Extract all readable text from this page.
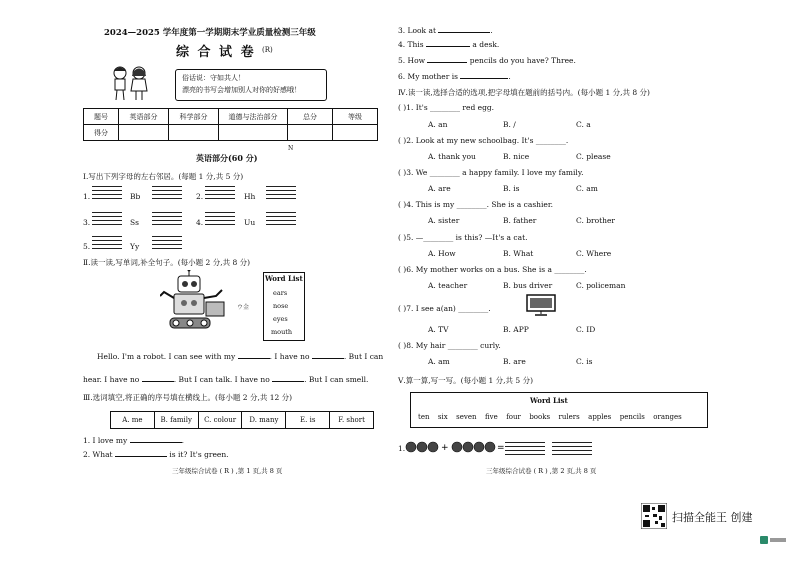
2024—2025 学年度第一学期期末学业质量检测三年级
综 合 试 卷 (R)
俗话说：守如共人！
漂亮的书写会增加别人对你的好感哦！
题号	英语部分	科学部分	道德与法治部分	总分	等级
得分					
N
英语部分(60 分)
Ⅰ.写出下列字母的左右邻居。(每题 1 分,共 5 分)
1.	Bb	2.	Hh
3.	Ss	4.	Uu
5.	Yy
Ⅱ.读一读,写单词,补全句子。(每小题 2 分,共 8 分)
ウ金
Word List
ears
nose
eyes
mouth
Hello. I'm a robot. I can see with my	. I have no	. But I can
hear. I have no	. But I can talk. I have no	. But I can smell.
Ⅲ.选词填空,将正确的序号填在横线上。(每小题 2 分,共 12 分)
A. me	B. family	C. colour	D. many	E. is	F. short
1. I love my	.
2. What	is it? It's green.
三年级综合试卷 ( R ) ,第 1 页,共 8 页
3. Look at	.
4. This	a desk.
5. How	pencils do you have? Three.
6. My mother is	.
Ⅳ.读一读,选择合适的选项,把字母填在题前的括号内。(每小题 1 分,共 8 分)
( )1. It's ________ red egg.
A. an	B. /	C. a
( )2. Look at my new schoolbag. It's ________.
A. thank you	B. nice	C. please
( )3. We ________ a happy family. I love my family.
A. are	B. is	C. am
( )4. This is my ________. She is a cashier.
A. sister	B. father	C. brother
( )5. —________ is this? —It's a cat.
A. How	B. What	C. Where
( )6. My mother works on a bus. She is a ________.
A. teacher	B. bus driver	C. policeman
( )7. I see a(an) ________.
A. TV	B. APP	C. ID
( )8. My hair ________ curly.
A. am	B. are	C. is
Ⅴ.算一算,写一写。(每小题 1 分,共 5 分)
Word List
ten six seven five four books rulers apples pencils oranges
1.	+	=
三年级综合试卷 ( R ) ,第 2 页,共 8 页
扫描全能王 创建
